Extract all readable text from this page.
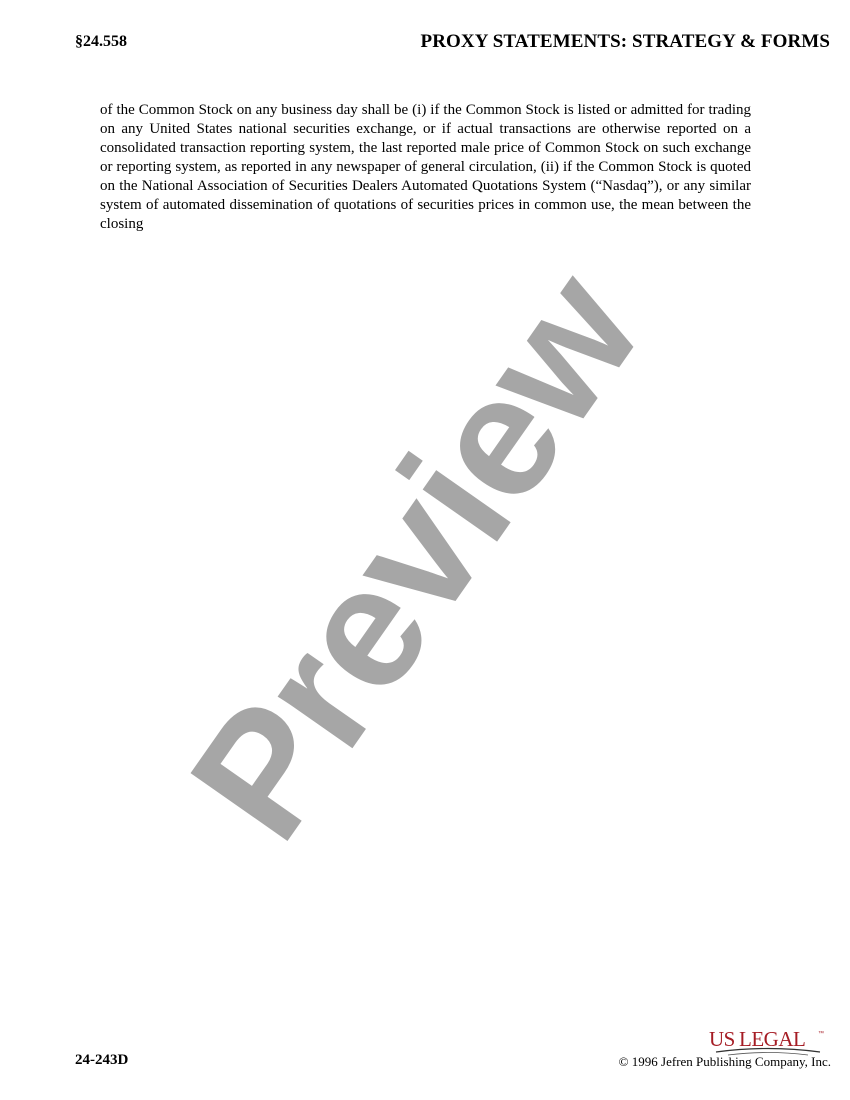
§24.558	PROXY STATEMENTS: STRATEGY & FORMS
of the Common Stock on any business day shall be (i) if the Common Stock is listed or admitted for trading on any United States national securities exchange, or if actual transactions are otherwise reported on a consolidated transaction reporting system, the last reported male price of Common Stock on such exchange or reporting system, as reported in any newspaper of general circulation, (ii) if the Common Stock is quoted on the National Association of Securities Dealers Automated Quotations System (“Nasdaq”), or any similar system of automated dissemination of quotations of securities prices in common use, the mean between the closing
Preview
24-243D	© 1996 Jefren Publishing Company, Inc.
US LEGAL ™
